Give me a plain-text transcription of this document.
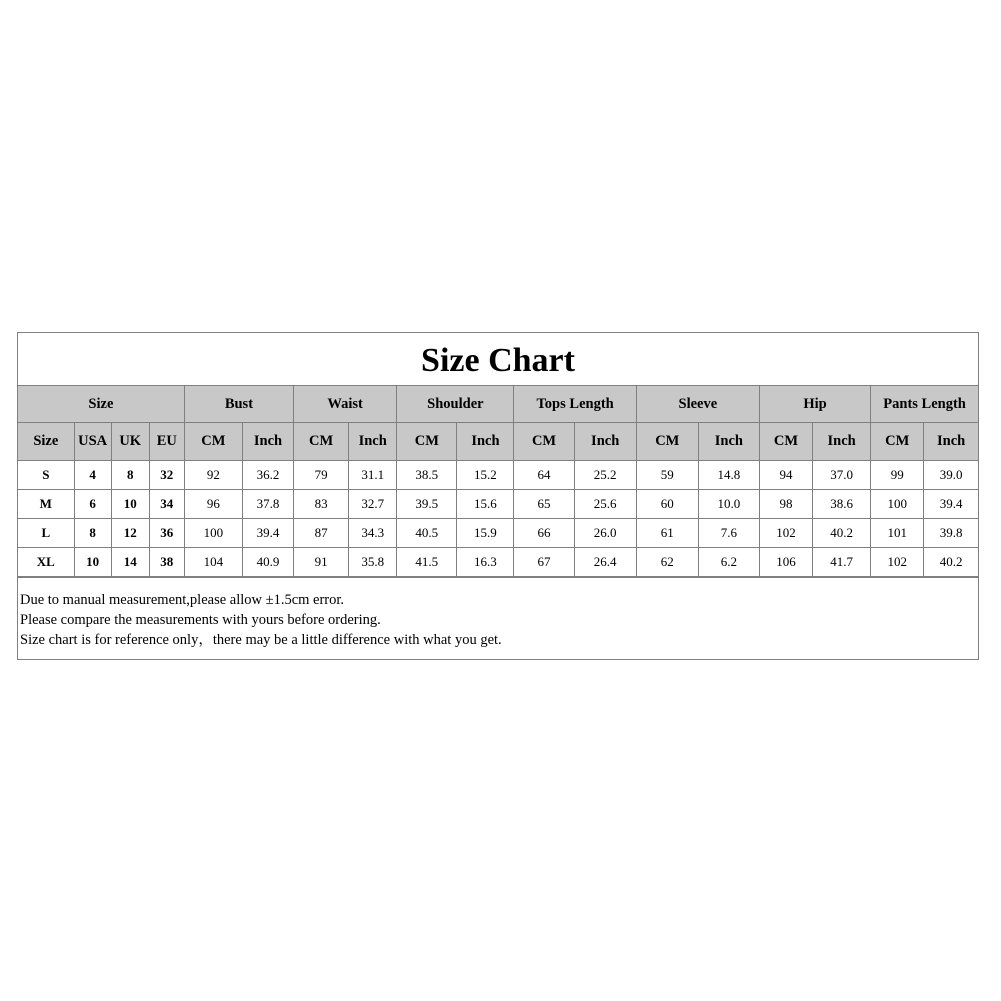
Size Chart
Size				Bust		Waist		Shoulder		Tops Length		Sleeve		Hip		Pants Length	
Size	USA	UK	EU	CM	Inch	CM	Inch	CM	Inch	CM	Inch	CM	Inch	CM	Inch	CM	Inch
S	4	8	32	92	36.2	79	31.1	38.5	15.2	64	25.2	59	14.8	94	37.0	99	39.0
M	6	10	34	96	37.8	83	32.7	39.5	15.6	65	25.6	60	10.0	98	38.6	100	39.4
L	8	12	36	100	39.4	87	34.3	40.5	15.9	66	26.0	61	7.6	102	40.2	101	39.8
XL	10	14	38	104	40.9	91	35.8	41.5	16.3	67	26.4	62	6.2	106	41.7	102	40.2
Due to manual measurement,please allow ±1.5cm error.
Please compare the measurements with yours before ordering.
Size chart is for reference only，there may be a little difference with what you get.
